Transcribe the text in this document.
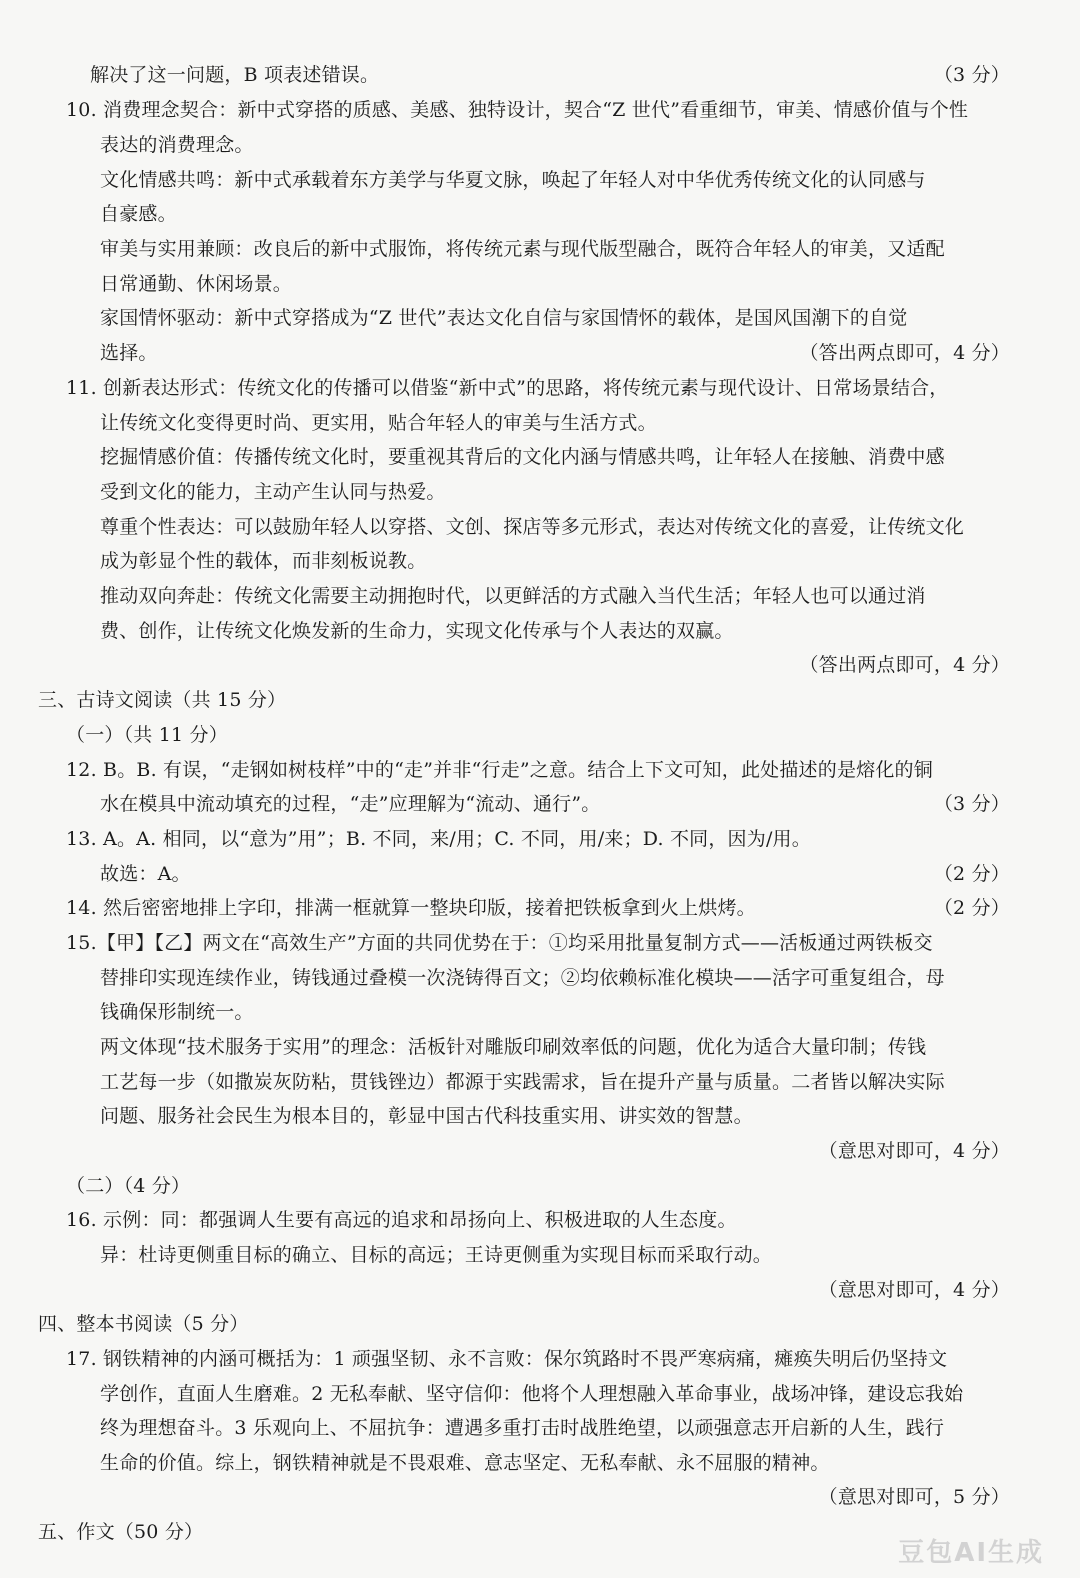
解决了这一问题，B 项表述错误。	（3 分）
10. 消费理念契合：新中式穿搭的质感、美感、独特设计，契合“Z 世代”看重细节，审美、情感价值与个性
表达的消费理念。
文化情感共鸣：新中式承载着东方美学与华夏文脉，唤起了年轻人对中华优秀传统文化的认同感与
自豪感。
审美与实用兼顾：改良后的新中式服饰，将传统元素与现代版型融合，既符合年轻人的审美，又适配
日常通勤、休闲场景。
家国情怀驱动：新中式穿搭成为“Z 世代”表达文化自信与家国情怀的载体，是国风国潮下的自觉
选择。	（答出两点即可，4 分）
11. 创新表达形式：传统文化的传播可以借鉴“新中式”的思路，将传统元素与现代设计、日常场景结合，
让传统文化变得更时尚、更实用，贴合年轻人的审美与生活方式。
挖掘情感价值：传播传统文化时，要重视其背后的文化内涵与情感共鸣，让年轻人在接触、消费中感
受到文化的能力，主动产生认同与热爱。
尊重个性表达：可以鼓励年轻人以穿搭、文创、探店等多元形式，表达对传统文化的喜爱，让传统文化
成为彰显个性的载体，而非刻板说教。
推动双向奔赴：传统文化需要主动拥抱时代，以更鲜活的方式融入当代生活；年轻人也可以通过消
费、创作，让传统文化焕发新的生命力，实现文化传承与个人表达的双赢。
（答出两点即可，4 分）
三、古诗文阅读（共 15 分）
（一）（共 11 分）
12. B。B. 有误，“走钢如树枝样”中的“走”并非“行走”之意。结合上下文可知，此处描述的是熔化的铜
水在模具中流动填充的过程，“走”应理解为“流动、通行”。	（3 分）
13. A。A. 相同，以“意为”用”；B. 不同，来/用；C. 不同，用/来；D. 不同，因为/用。
故选：A。	（2 分）
14. 然后密密地排上字印，排满一框就算一整块印版，接着把铁板拿到火上烘烤。	（2 分）
15.【甲】【乙】两文在“高效生产”方面的共同优势在于：①均采用批量复制方式——活板通过两铁板交
替排印实现连续作业，铸钱通过叠模一次浇铸得百文；②均依赖标准化模块——活字可重复组合，母
钱确保形制统一。
两文体现“技术服务于实用”的理念：活板针对雕版印刷效率低的问题，优化为适合大量印制；传钱
工艺每一步（如撒炭灰防粘，贯钱锉边）都源于实践需求，旨在提升产量与质量。二者皆以解决实际
问题、服务社会民生为根本目的，彰显中国古代科技重实用、讲实效的智慧。
（意思对即可，4 分）
（二）（4 分）
16. 示例：同：都强调人生要有高远的追求和昂扬向上、积极进取的人生态度。
异：杜诗更侧重目标的确立、目标的高远；王诗更侧重为实现目标而采取行动。
（意思对即可，4 分）
四、整本书阅读（5 分）
17. 钢铁精神的内涵可概括为：1 顽强坚韧、永不言败：保尔筑路时不畏严寒病痛，瘫痪失明后仍坚持文
学创作，直面人生磨难。2 无私奉献、坚守信仰：他将个人理想融入革命事业，战场冲锋，建设忘我始
终为理想奋斗。3 乐观向上、不屈抗争：遭遇多重打击时战胜绝望，以顽强意志开启新的人生，践行
生命的价值。综上，钢铁精神就是不畏艰难、意志坚定、无私奉献、永不屈服的精神。
（意思对即可，5 分）
五、作文（50 分）
豆包AI生成
